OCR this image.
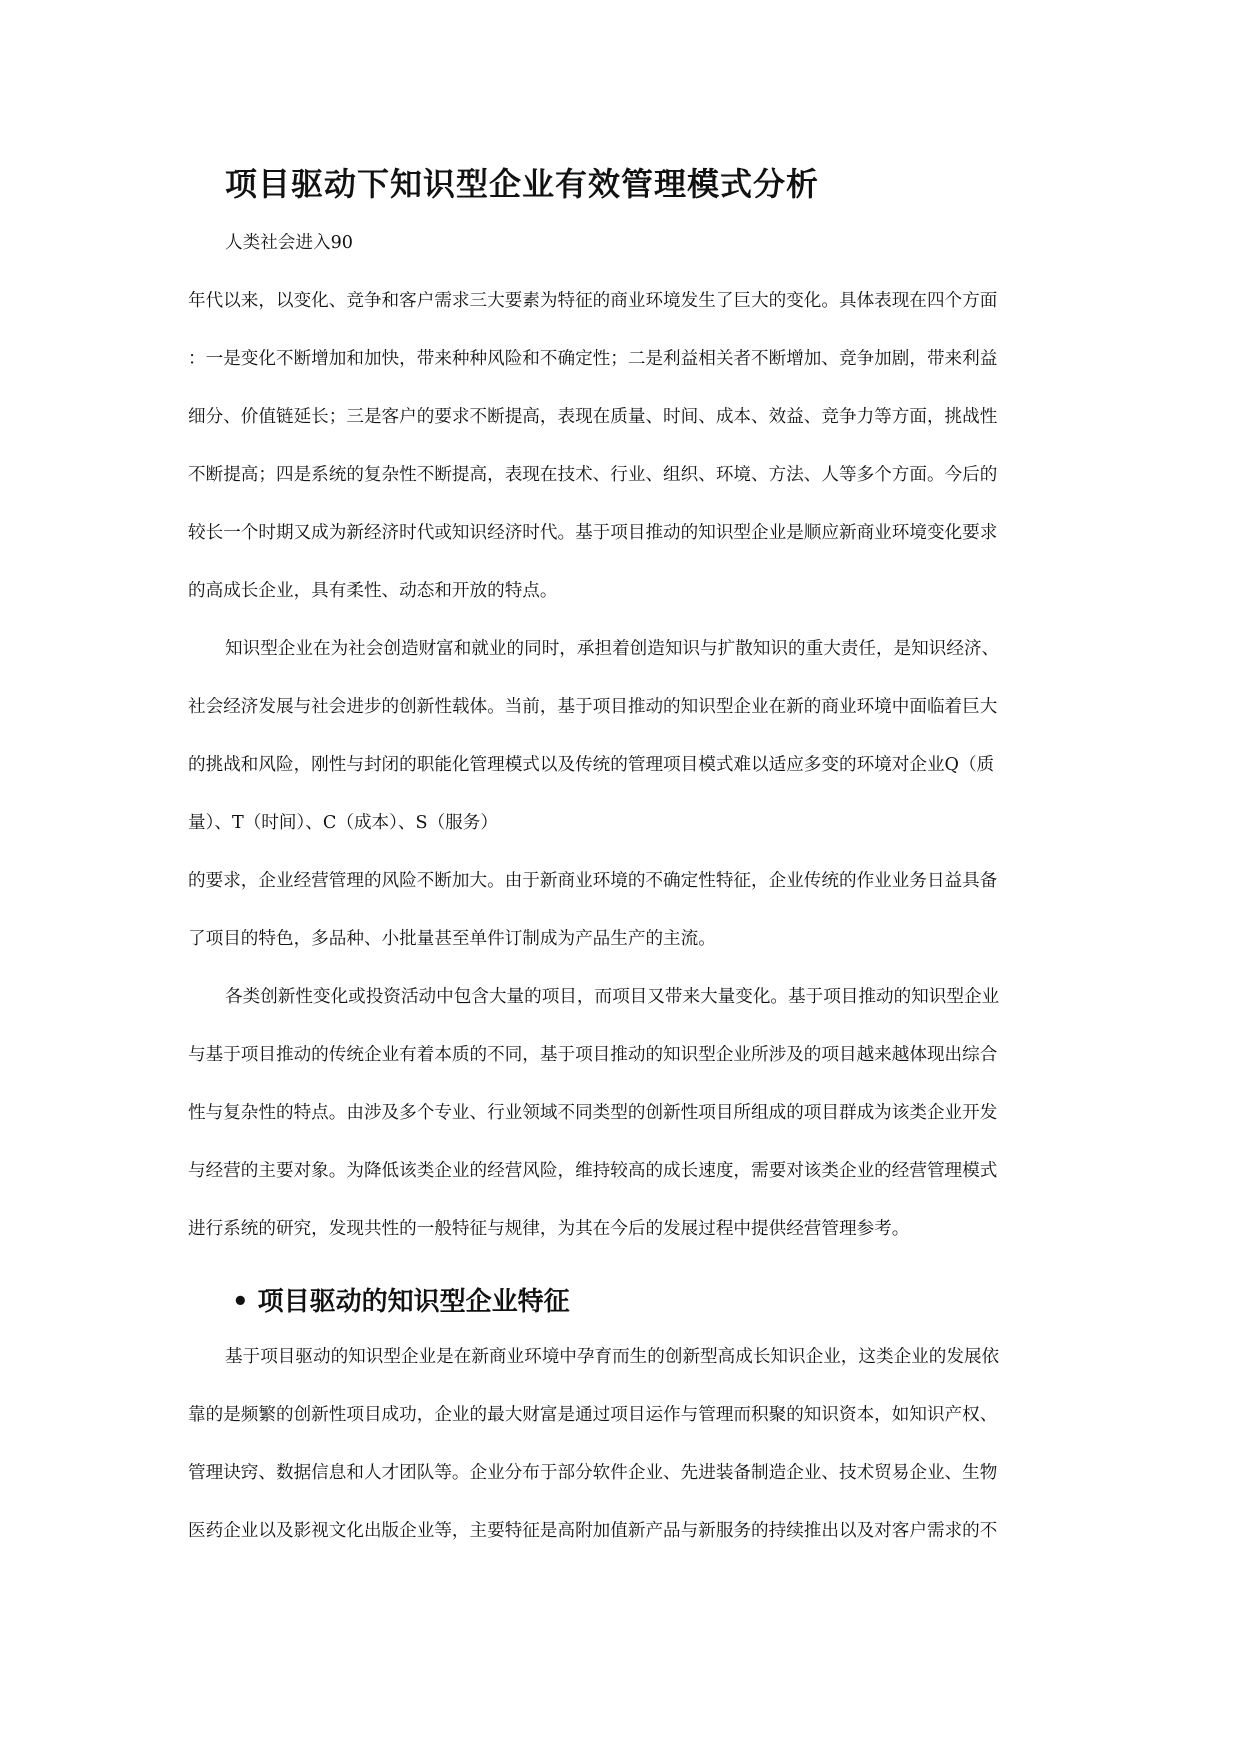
项目驱动下知识型企业有效管理模式分析
人类社会进入90
年代以来，以变化、竞争和客户需求三大要素为特征的商业环境发生了巨大的变化。具体表现在四个方面
：一是变化不断增加和加快，带来种种风险和不确定性；二是利益相关者不断增加、竞争加剧，带来利益
细分、价值链延长；三是客户的要求不断提高，表现在质量、时间、成本、效益、竞争力等方面，挑战性
不断提高；四是系统的复杂性不断提高，表现在技术、行业、组织、环境、方法、人等多个方面。今后的
较长一个时期又成为新经济时代或知识经济时代。基于项目推动的知识型企业是顺应新商业环境变化要求
的高成长企业，具有柔性、动态和开放的特点。
知识型企业在为社会创造财富和就业的同时，承担着创造知识与扩散知识的重大责任，是知识经济、
社会经济发展与社会进步的创新性载体。当前，基于项目推动的知识型企业在新的商业环境中面临着巨大
的挑战和风险，刚性与封闭的职能化管理模式以及传统的管理项目模式难以适应多变的环境对企业Q（质
量）、T（时间）、C（成本）、S（服务）
的要求，企业经营管理的风险不断加大。由于新商业环境的不确定性特征，企业传统的作业业务日益具备
了项目的特色，多品种、小批量甚至单件订制成为产品生产的主流。
各类创新性变化或投资活动中包含大量的项目，而项目又带来大量变化。基于项目推动的知识型企业
与基于项目推动的传统企业有着本质的不同，基于项目推动的知识型企业所涉及的项目越来越体现出综合
性与复杂性的特点。由涉及多个专业、行业领域不同类型的创新性项目所组成的项目群成为该类企业开发
与经营的主要对象。为降低该类企业的经营风险，维持较高的成长速度，需要对该类企业的经营管理模式
进行系统的研究，发现共性的一般特征与规律，为其在今后的发展过程中提供经营管理参考。
• 项目驱动的知识型企业特征
基于项目驱动的知识型企业是在新商业环境中孕育而生的创新型高成长知识企业，这类企业的发展依
靠的是频繁的创新性项目成功，企业的最大财富是通过项目运作与管理而积聚的知识资本，如知识产权、
管理诀窍、数据信息和人才团队等。企业分布于部分软件企业、先进装备制造企业、技术贸易企业、生物
医药企业以及影视文化出版企业等，主要特征是高附加值新产品与新服务的持续推出以及对客户需求的不
